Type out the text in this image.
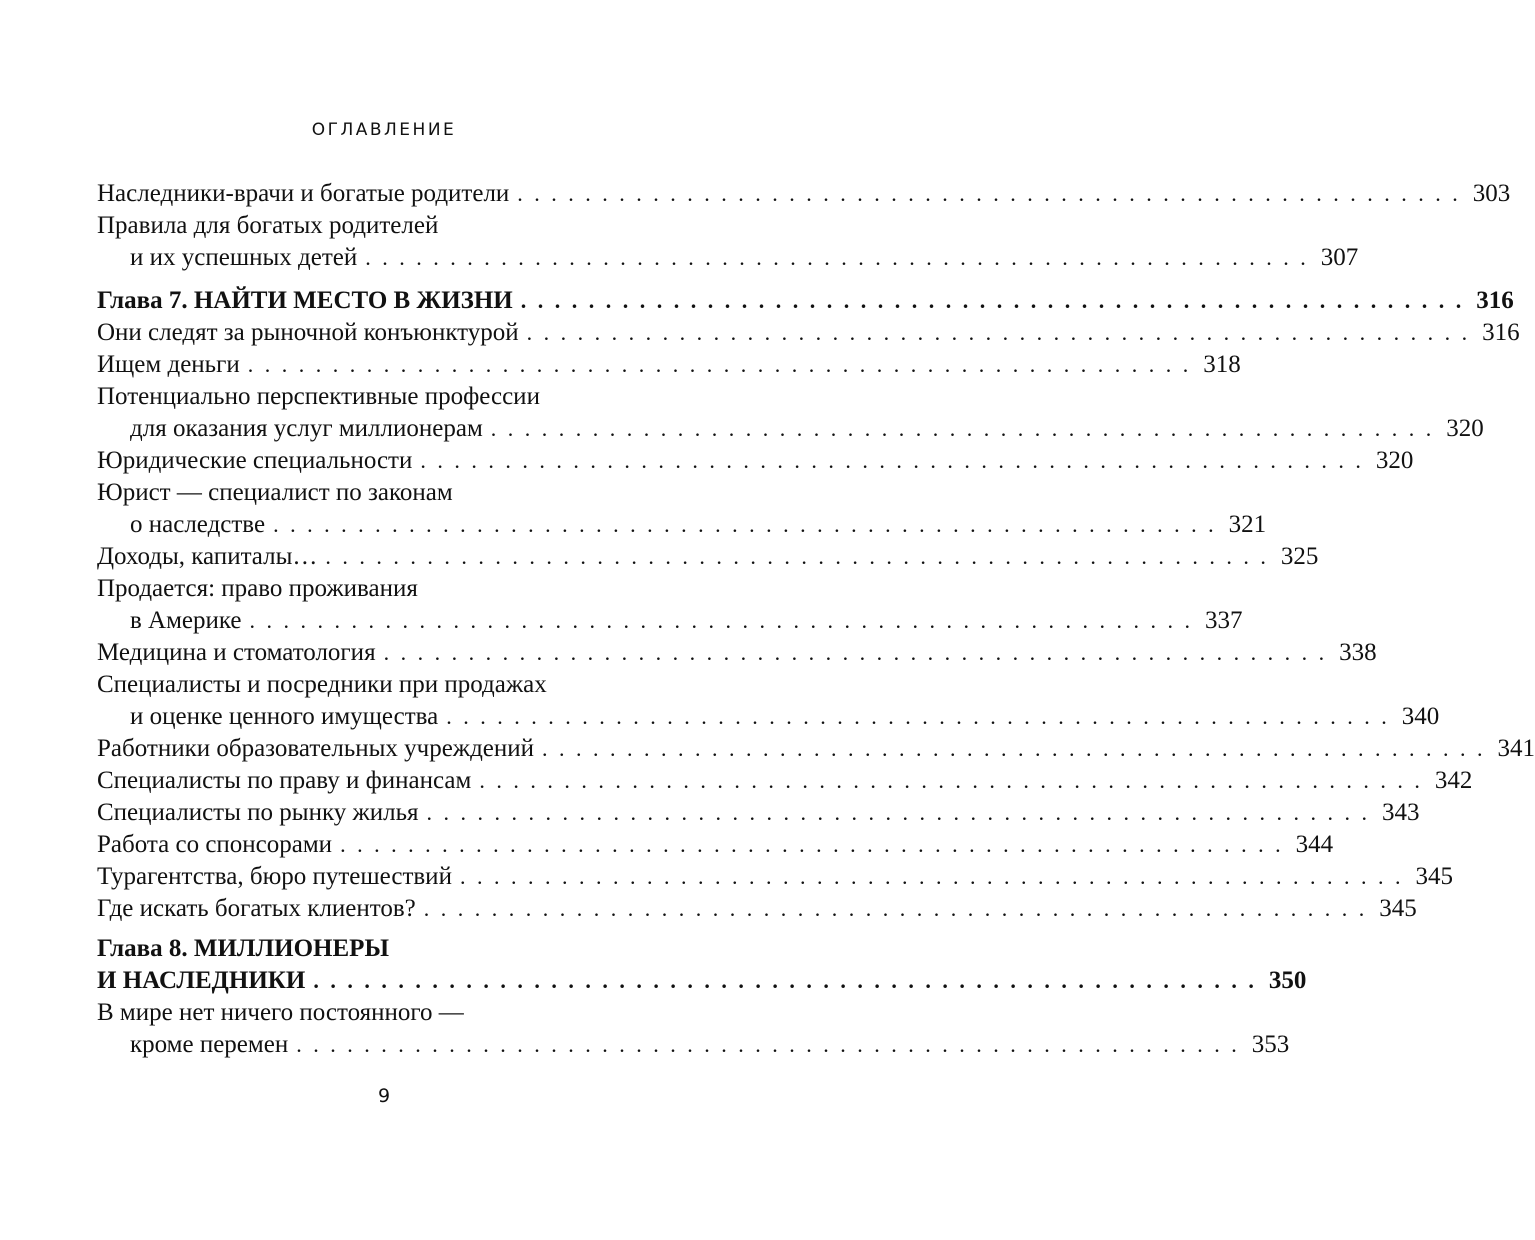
ОГЛАВЛЕНИЕ
Наследники-врачи и богатые родители . . . . . . . . . . . . . . . . . . . . . . . . . . . . . . . . . . . . . . . . . . . . . . . . . . . . . . . . 303
Правила для богатых родителей
и их успешных детей . . . . . . . . . . . . . . . . . . . . . . . . . . . . . . . . . . . . . . . . . . . . . . . . . . . . . . . . 307
Глава 7. НАЙТИ МЕСТО В ЖИЗНИ . . . . . . . . . . . . . . . . . . . . . . . . . . . . . . . . . . . . . . . . . . . . . . . . . . . . . . . . 316
Они следят за рыночной конъюнктурой . . . . . . . . . . . . . . . . . . . . . . . . . . . . . . . . . . . . . . . . . . . . . . . . . . . . . . . . 316
Ищем деньги . . . . . . . . . . . . . . . . . . . . . . . . . . . . . . . . . . . . . . . . . . . . . . . . . . . . . . . . 318
Потенциально перспективные профессии
для оказания услуг миллионерам . . . . . . . . . . . . . . . . . . . . . . . . . . . . . . . . . . . . . . . . . . . . . . . . . . . . . . . . 320
Юридические специальности . . . . . . . . . . . . . . . . . . . . . . . . . . . . . . . . . . . . . . . . . . . . . . . . . . . . . . . . 320
Юрист — специалист по законам
о наследстве . . . . . . . . . . . . . . . . . . . . . . . . . . . . . . . . . . . . . . . . . . . . . . . . . . . . . . . . 321
Доходы, капиталы… . . . . . . . . . . . . . . . . . . . . . . . . . . . . . . . . . . . . . . . . . . . . . . . . . . . . . . . . 325
Продается: право проживания
в Америке . . . . . . . . . . . . . . . . . . . . . . . . . . . . . . . . . . . . . . . . . . . . . . . . . . . . . . . . 337
Медицина и стоматология . . . . . . . . . . . . . . . . . . . . . . . . . . . . . . . . . . . . . . . . . . . . . . . . . . . . . . . . 338
Специалисты и посредники при продажах
и оценке ценного имущества . . . . . . . . . . . . . . . . . . . . . . . . . . . . . . . . . . . . . . . . . . . . . . . . . . . . . . . . 340
Работники образовательных учреждений . . . . . . . . . . . . . . . . . . . . . . . . . . . . . . . . . . . . . . . . . . . . . . . . . . . . . . . . 341
Специалисты по праву и финансам . . . . . . . . . . . . . . . . . . . . . . . . . . . . . . . . . . . . . . . . . . . . . . . . . . . . . . . . 342
Специалисты по рынку жилья . . . . . . . . . . . . . . . . . . . . . . . . . . . . . . . . . . . . . . . . . . . . . . . . . . . . . . . . 343
Работа со спонсорами . . . . . . . . . . . . . . . . . . . . . . . . . . . . . . . . . . . . . . . . . . . . . . . . . . . . . . . . 344
Турагентства, бюро путешествий . . . . . . . . . . . . . . . . . . . . . . . . . . . . . . . . . . . . . . . . . . . . . . . . . . . . . . . . 345
Где искать богатых клиентов? . . . . . . . . . . . . . . . . . . . . . . . . . . . . . . . . . . . . . . . . . . . . . . . . . . . . . . . . 345
Глава 8. МИЛЛИОНЕРЫ
И НАСЛЕДНИКИ . . . . . . . . . . . . . . . . . . . . . . . . . . . . . . . . . . . . . . . . . . . . . . . . . . . . . . . . 350
В мире нет ничего постоянного —
кроме перемен . . . . . . . . . . . . . . . . . . . . . . . . . . . . . . . . . . . . . . . . . . . . . . . . . . . . . . . . 353
9
